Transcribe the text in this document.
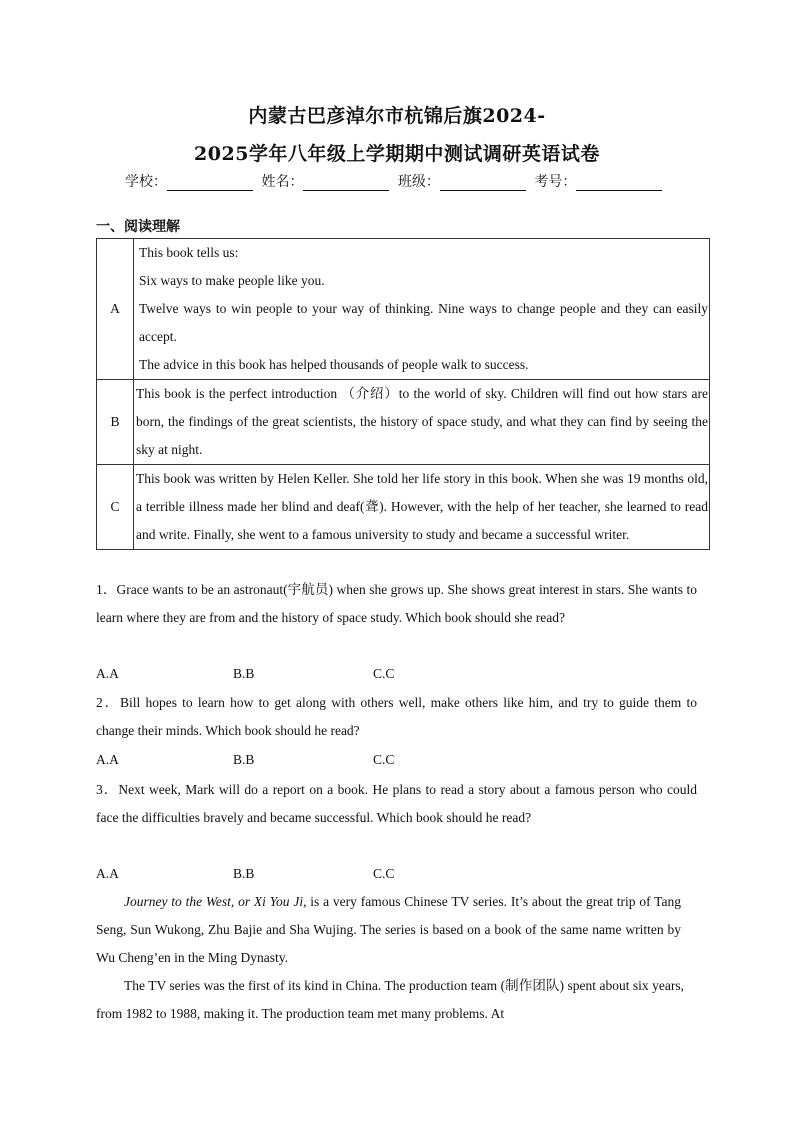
内蒙古巴彦淖尔市杭锦后旗2024-
2025学年八年级上学期期中测试调研英语试卷
学校：	姓名：	班级：	考号：
一、阅读理解
A	This book tells us:

Six ways to make people like you.

Twelve ways to win people to your way of thinking. Nine ways to change people and they can easily accept.

The advice in this book has helped thousands of people walk to success.

B	This book is the perfect introduction （介绍）to the world of sky. Children will find out how stars are born, the findings of the great scientists, the history of space study, and what they can find by seeing the sky at night.

C	This book was written by Helen Keller. She told her life story in this book. When she was 19 months old, a terrible illness made her blind and deaf(聋). However, with the help of her teacher, she learned to read and write. Finally, she went to a famous university to study and became a successful writer.

1．Grace wants to be an astronaut(宇航员) when she grows up. She shows great interest in stars. She wants to learn where they are from and the history of space study. Which book should she read?

A.A	B.B	C.C

2．Bill hopes to learn how to get along with others well, make others like him, and try to guide them to change their minds. Which book should he read?

A.A	B.B	C.C

3．Next week, Mark will do a report on a book. He plans to read a story about a famous person who could face the difficulties bravely and became successful. Which book should he read?

A.A	B.B	C.C

Journey to the West, or Xi You Ji, is a very famous Chinese TV series. It’s about the great trip of Tang Seng, Sun Wukong, Zhu Bajie and Sha Wujing. The series is based on a book of the same name written by Wu Cheng’en in the Ming Dynasty.

The TV series was the first of its kind in China. The production team (制作团队) spent about six years, from 1982 to 1988, making it. The production team met many problems. At
